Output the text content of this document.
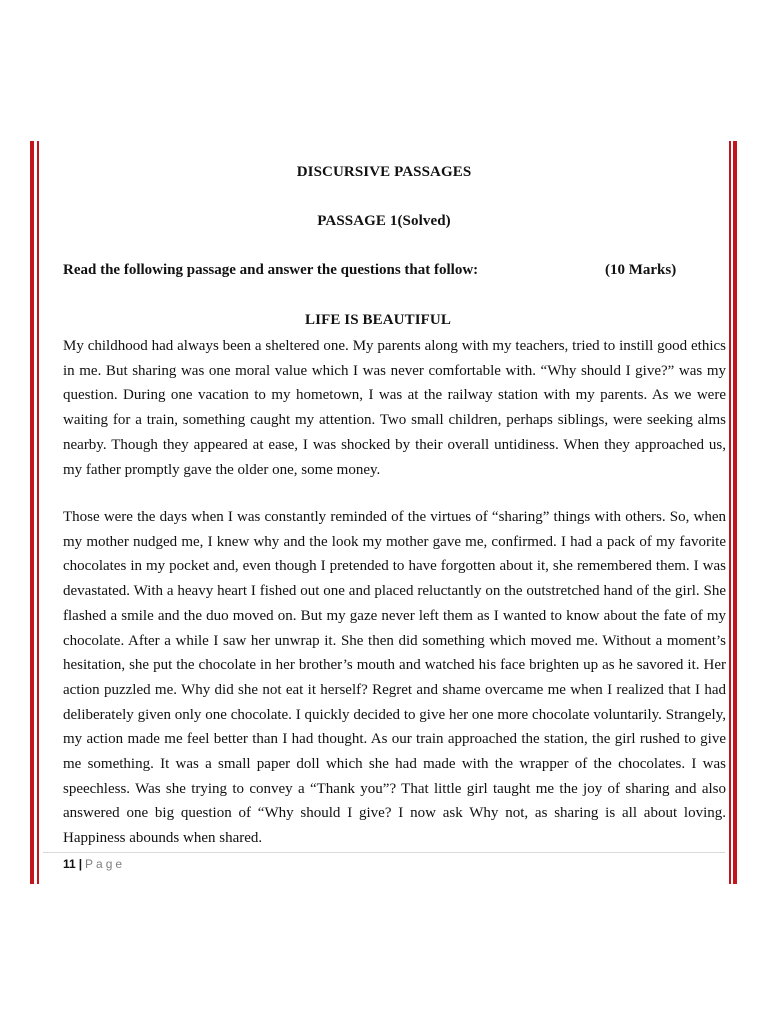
DISCURSIVE PASSAGES
PASSAGE 1(Solved)
Read the following passage and answer the questions that follow:	(10 Marks)
LIFE IS BEAUTIFUL

My childhood had always been a sheltered one. My parents along with my teachers, tried to instill good ethics in me. But sharing was one moral value which I was never comfortable with. “Why should I give?” was my question. During one vacation to my hometown, I was at the railway station with my parents. As we were waiting for a train, something caught my attention. Two small children, perhaps siblings, were seeking alms nearby. Though they appeared at ease, I was shocked by their overall untidiness. When they approached us, my father promptly gave the older one, some money.

Those were the days when I was constantly reminded of the virtues of “sharing” things with others. So, when my mother nudged me, I knew why and the look my mother gave me, confirmed. I had a pack of my favorite chocolates in my pocket and, even though I pretended to have forgotten about it, she remembered them. I was devastated. With a heavy heart I fished out one and placed reluctantly on the outstretched hand of the girl. She flashed a smile and the duo moved on. But my gaze never left them as I wanted to know about the fate of my chocolate. After a while I saw her unwrap it. She then did something which moved me. Without a moment’s hesitation, she put the chocolate in her brother’s mouth and watched his face brighten up as he savored it. Her action puzzled me. Why did she not eat it herself? Regret and shame overcame me when I realized that I had deliberately given only one chocolate. I quickly decided to give her one more chocolate voluntarily. Strangely, my action made me feel better than I had thought. As our train approached the station, the girl rushed to give me something. It was a small paper doll which she had made with the wrapper of the chocolates. I was speechless. Was she trying to convey a “Thank you”? That little girl taught me the joy of sharing and also answered one big question of “Why should I give? I now ask Why not, as sharing is all about loving. Happiness abounds when shared.

11 | Page
